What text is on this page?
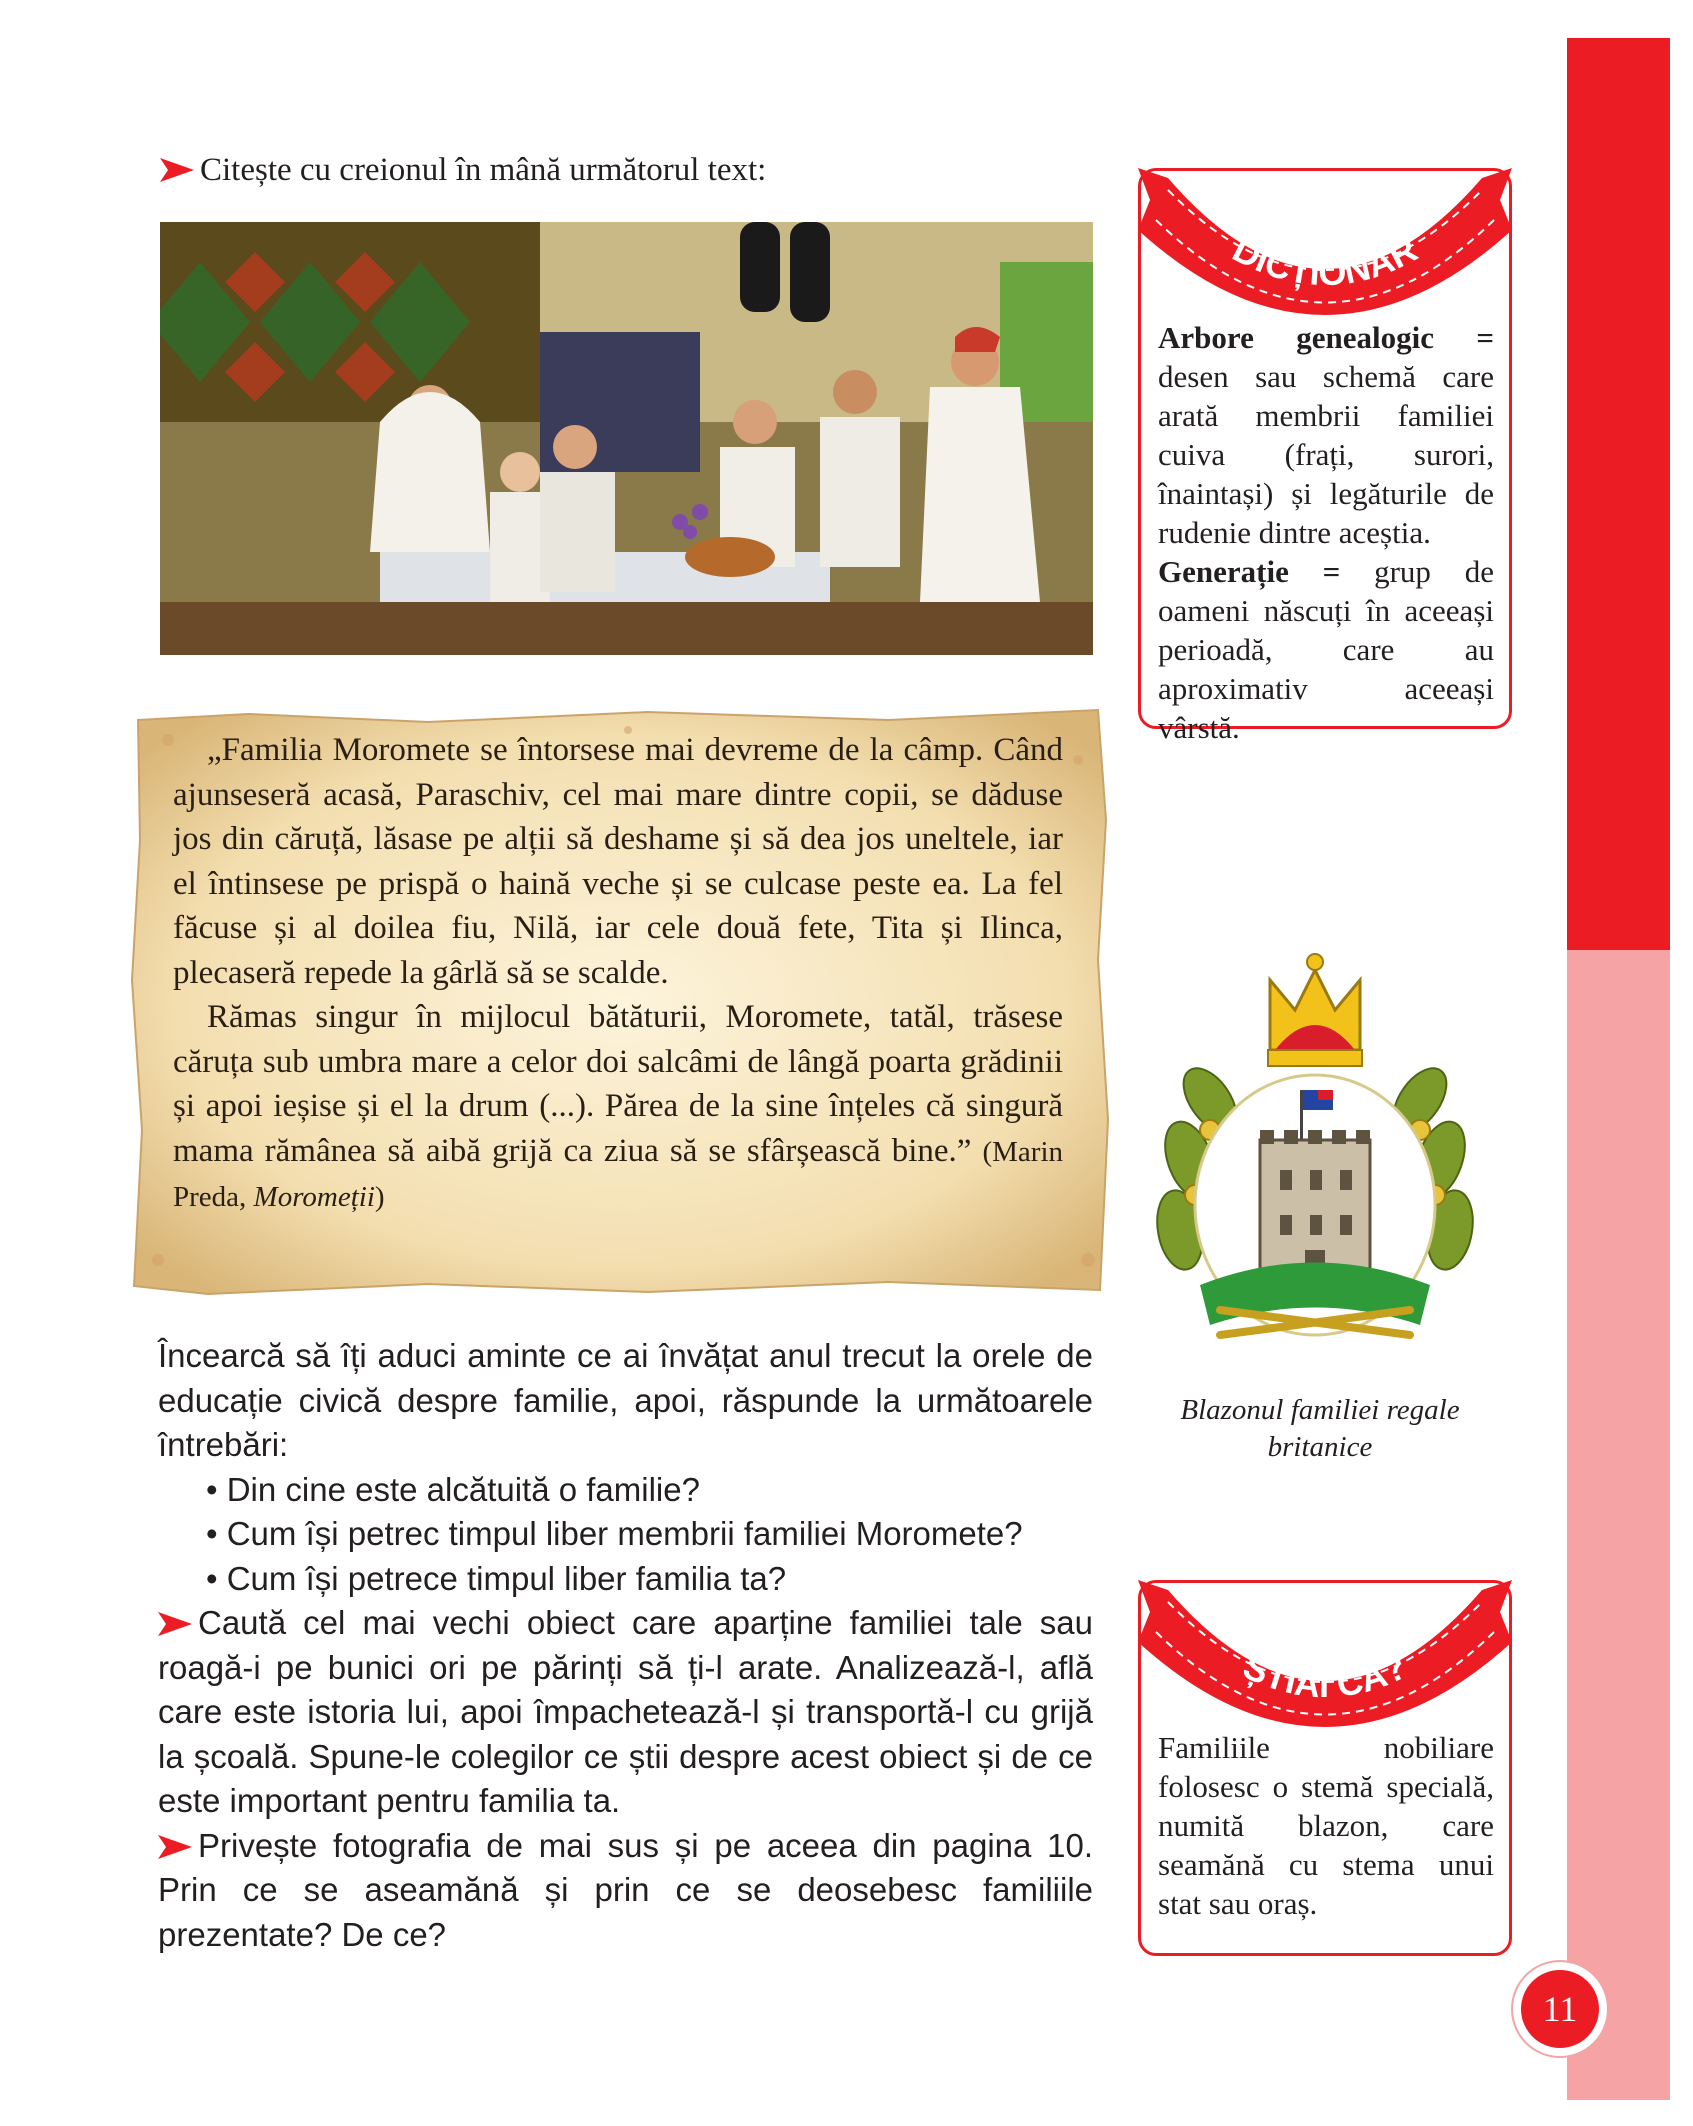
Citește cu creionul în mână următorul text:

„Familia Moromete se întorsese mai devreme de la câmp. Când ajunseseră acasă, Paraschiv, cel mai mare dintre copii, se dăduse jos din căruță, lăsase pe alții să deshame și să dea jos uneltele, iar el întinsese pe prispă o haină veche și se culcase peste ea. La fel făcuse și al doilea fiu, Nilă, iar cele două fete, Tita și Ilinca, plecaseră repede la gârlă să se scalde.

Rămas singur în mijlocul bătăturii, Moromete, tatăl, trăsese căruța sub umbra mare a celor doi salcâmi de lângă poarta grădinii și apoi ieșise și el la drum (...). Părea de la sine înțeles că singură mama rămânea să aibă grijă ca ziua să se sfârșească bine.” (Marin Preda, Moromeții)

Încearcă să îți aduci aminte ce ai învățat anul trecut la orele de educație civică despre familie, apoi, răspunde la următoarele întrebări:

• Din cine este alcătuită o familie?
• Cum își petrec timpul liber membrii familiei Moromete?
• Cum își petrece timpul liber familia ta?

Caută cel mai vechi obiect care aparține familiei tale sau roagă-i pe bunici ori pe părinți să ți-l arate. Analizează-l, află care este istoria lui, apoi împachetează-l și transportă-l cu grijă la școală. Spune-le colegilor ce știi despre acest obiect și de ce este important pentru familia ta.

Privește fotografia de mai sus și pe aceea din pagina 10. Prin ce se aseamănă și prin ce se deosebesc familiile prezentate? De ce?

DICȚIONAR

Arbore genealogic = desen sau schemă care arată membrii familiei cuiva (frați, surori, înaintași) și legăturile de rudenie dintre aceștia.

Generație = grup de oameni născuți în aceeași perioadă, care au aproximativ aceeași vârstă.

Blazonul familiei regale
britanice
ȘTIAI CĂ?
Familiile nobiliare folosesc o stemă specială, numită blazon, care seamănă cu stema unui stat sau oraș.
11
